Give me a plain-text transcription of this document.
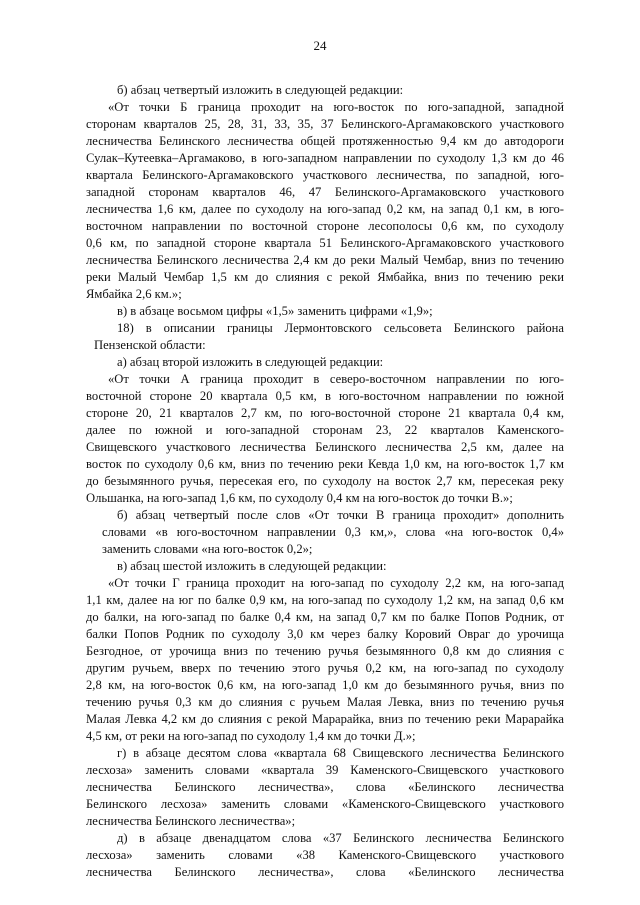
24
б) абзац четвертый изложить в следующей редакции:
«От точки Б граница проходит на юго-восток по юго-западной, западной
сторонам кварталов 25, 28, 31, 33, 35, 37 Белинского-Аргамаковского участкового
лесничества Белинского лесничества общей протяженностью 9,4 км до автодороги
Сулак–Кутеевка–Аргамаково, в юго-западном направлении по суходолу 1,3 км до 46
квартала Белинского-Аргамаковского участкового лесничества, по западной, юго-
западной сторонам кварталов 46, 47 Белинского-Аргамаковского участкового
лесничества 1,6 км, далее по суходолу на юго-запад 0,2 км, на запад 0,1 км, в юго-
восточном направлении по восточной стороне лесополосы 0,6 км, по суходолу
0,6 км, по западной стороне квартала 51 Белинского-Аргамаковского участкового
лесничества Белинского лесничества 2,4 км до реки Малый Чембар, вниз по течению
реки Малый Чембар 1,5 км до слияния с рекой Ямбайка, вниз по течению реки
Ямбайка 2,6 км.»;
в) в абзаце восьмом цифры «1,5» заменить цифрами «1,9»;
18) в описании границы Лермонтовского сельсовета Белинского района
Пензенской области:
а) абзац второй изложить в следующей редакции:
«От точки А граница проходит в северо-восточном направлении по юго-
восточной стороне 20 квартала 0,5 км, в юго-восточном направлении по южной
стороне 20, 21 кварталов 2,7 км, по юго-восточной стороне 21 квартала 0,4 км,
далее по южной и юго-западной сторонам 23, 22 кварталов Каменского-
Свищевского участкового лесничества Белинского лесничества 2,5 км, далее на
восток по суходолу 0,6 км, вниз по течению реки Кевда 1,0 км, на юго-восток 1,7 км
до безымянного ручья, пересекая его, по суходолу на восток 2,7 км, пересекая реку
Ольшанка, на юго-запад 1,6 км, по суходолу 0,4 км на юго-восток до точки В.»;
б) абзац четвертый после слов «От точки В граница проходит» дополнить
словами «в юго-восточном направлении 0,3 км,», слова «на юго-восток 0,4»
заменить словами «на юго-восток 0,2»;
в) абзац шестой изложить в следующей редакции:
«От точки Г граница проходит на юго-запад по суходолу 2,2 км, на юго-запад
1,1 км, далее на юг по балке 0,9 км, на юго-запад по суходолу 1,2 км, на запад 0,6 км
до балки, на юго-запад по балке 0,4 км, на запад 0,7 км по балке Попов Родник, от
балки Попов Родник по суходолу 3,0 км через балку Коровий Овраг до урочища
Безгодное, от урочища вниз по течению ручья безымянного 0,8 км до слияния с
другим ручьем, вверх по течению этого ручья 0,2 км, на юго-запад по суходолу
2,8 км, на юго-восток 0,6 км, на юго-запад 1,0 км до безымянного ручья, вниз по
течению ручья 0,3 км до слияния с ручьем Малая Левка, вниз по течению ручья
Малая Левка 4,2 км до слияния с рекой Марарайка, вниз по течению реки Марарайка
4,5 км, от реки на юго-запад по суходолу 1,4 км до точки Д.»;
г) в абзаце десятом слова «квартала 68 Свищевского лесничества Белинского
лесхоза» заменить словами «квартала 39 Каменского-Свищевского участкового
лесничества Белинского лесничества», слова «Белинского лесничества
Белинского лесхоза» заменить словами «Каменского-Свищевского участкового
лесничества Белинского лесничества»;
д) в абзаце двенадцатом слова «37 Белинского лесничества Белинского
лесхоза» заменить словами «38 Каменского-Свищевского участкового
лесничества Белинского лесничества», слова «Белинского лесничества
